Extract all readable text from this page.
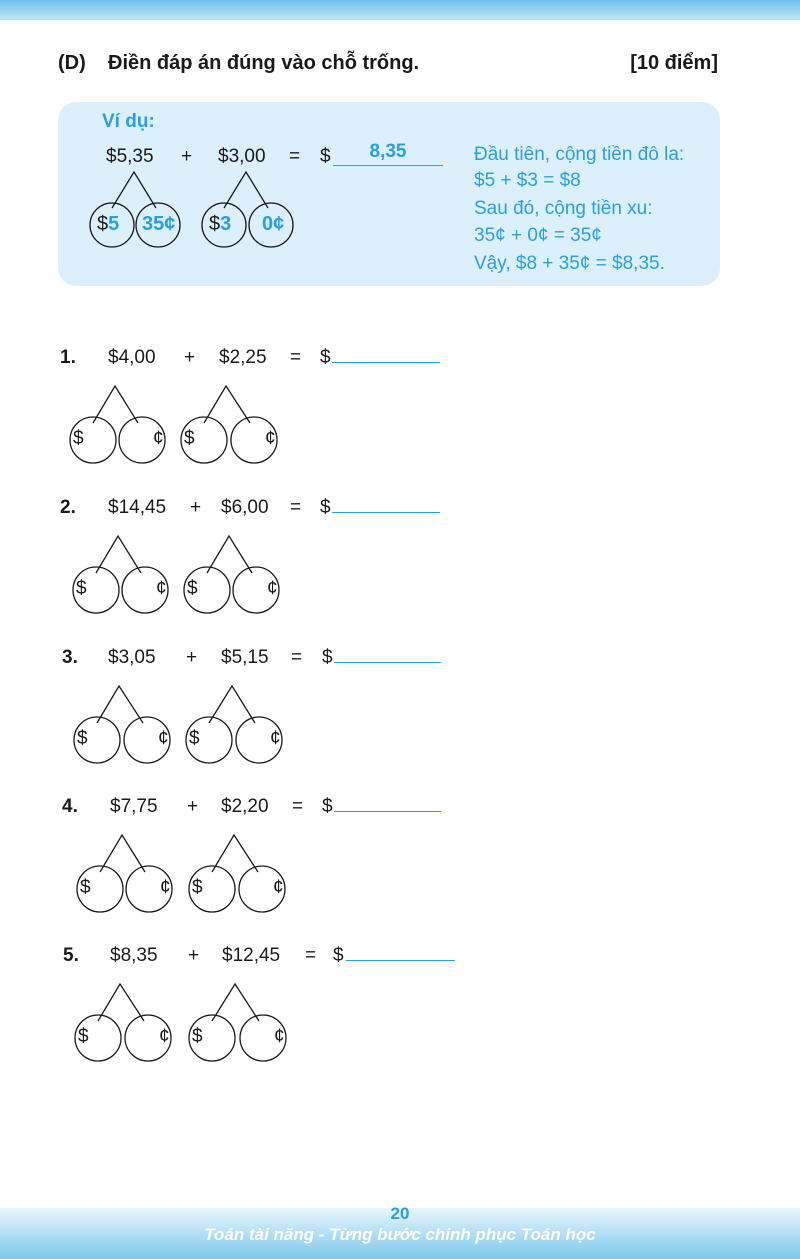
(D) Điền đáp án đúng vào chỗ trống.	[10 điểm]
Ví dụ:
$5,35 + $3,00 = $	8,35
$5 35¢ $3 0¢
Đầu tiên, cộng tiền đô la:
$5 + $3 = $8
Sau đó, cộng tiền xu:
35¢ + 0¢ = 35¢
Vậy, $8 + 35¢ = $8,35.
1. $4,00 + $2,25 = $
$	¢ $	¢
2. $14,45 + $6,00 = $
$	¢ $	¢
3. $3,05 + $5,15 = $
$	¢ $	¢
4. $7,75 + $2,20 = $
$	¢ $	¢
5. $8,35 + $12,45 = $
$	¢ $	¢
20
Toán tài năng - Từng bước chinh phục Toán học
